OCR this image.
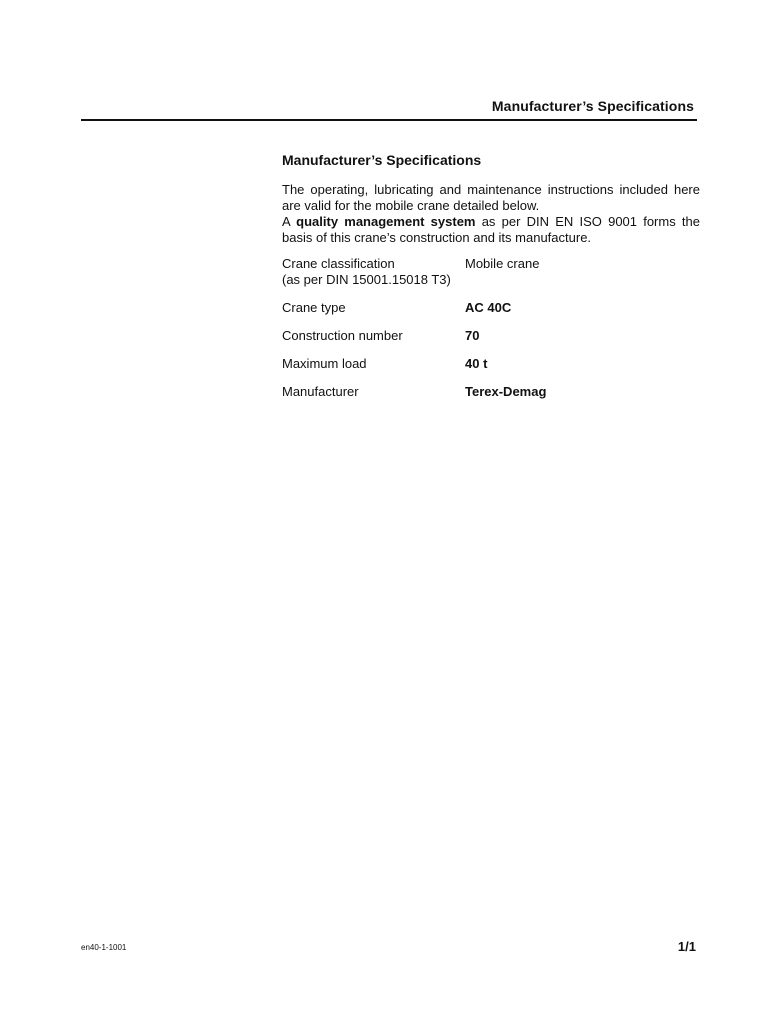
Manufacturer’s Specifications
Manufacturer’s Specifications

The operating, lubricating and maintenance instructions included here are valid for the mobile crane detailed below.

A quality management system as per DIN EN ISO 9001 forms the basis of this crane’s construction and its manufacture.

Crane classification	Mobile crane
(as per DIN 15001.15018 T3)
Crane type	AC 40C
Construction number	70
Maximum load	40 t
Manufacturer	Terex-Demag
en40-1-1001	1/1
